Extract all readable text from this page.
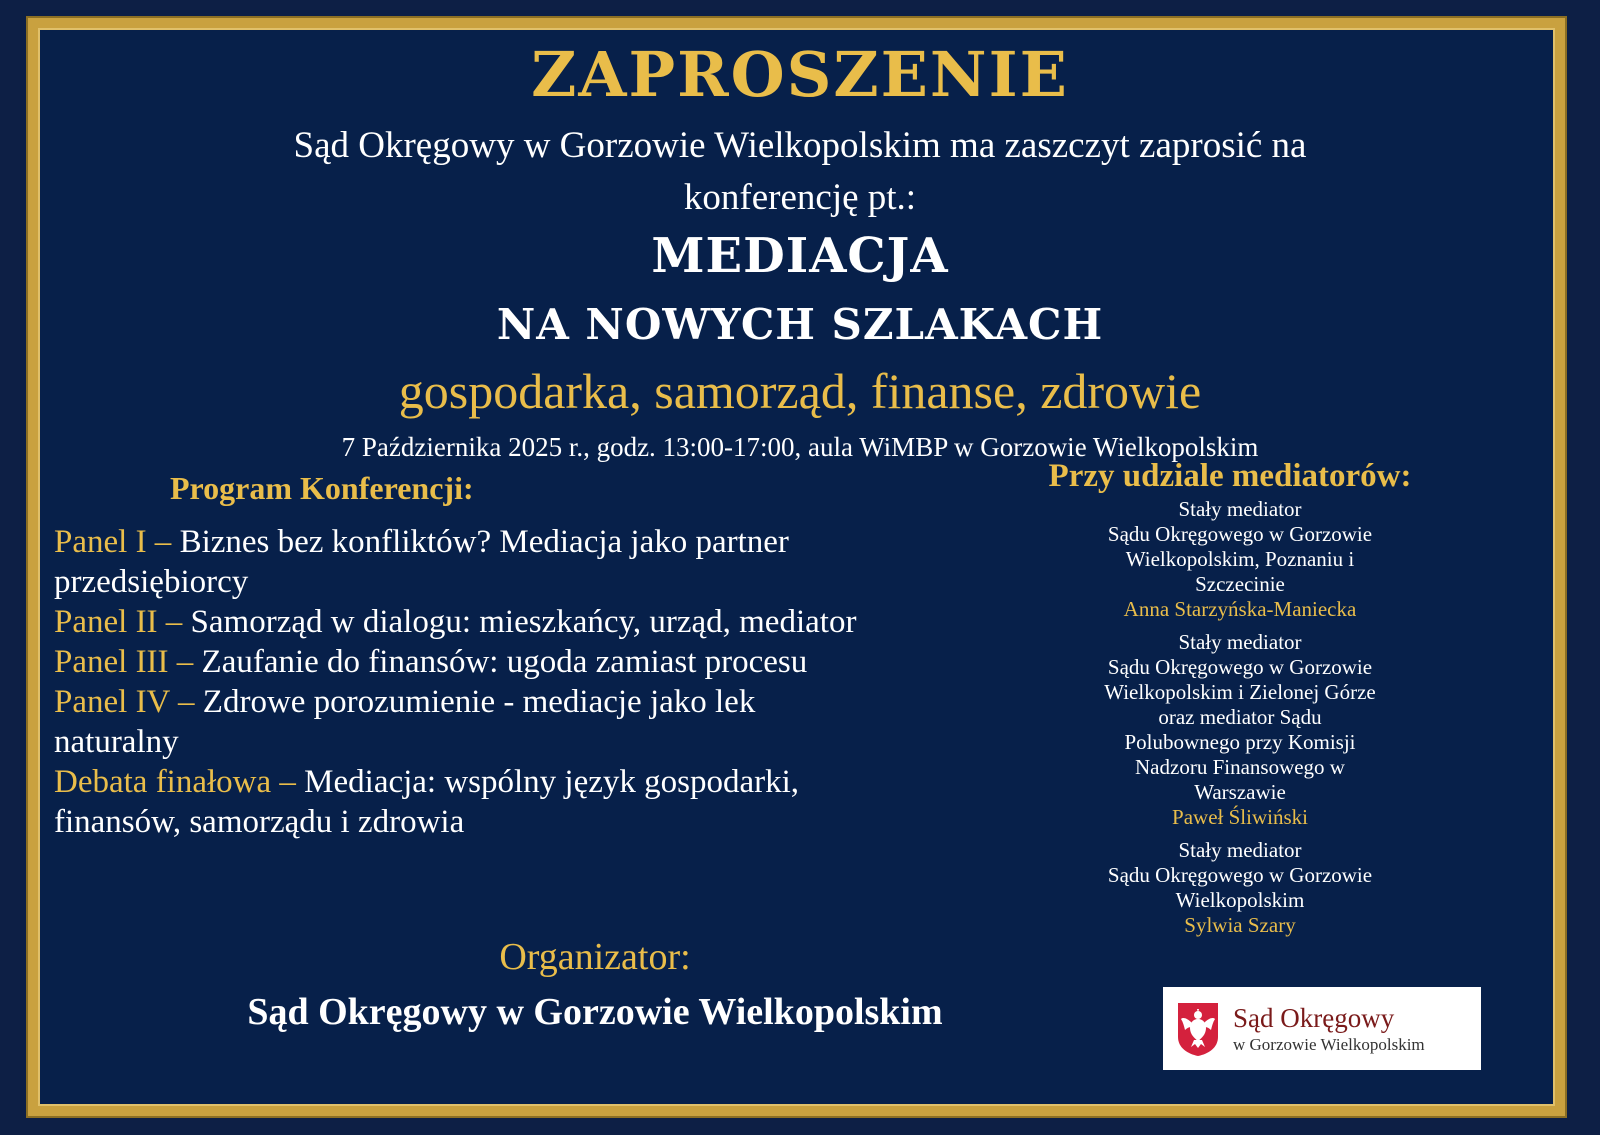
ZAPROSZENIE
Sąd Okręgowy w Gorzowie Wielkopolskim ma zaszczyt zaprosić na
konferencję pt.:
MEDIACJA
NA NOWYCH SZLAKACH
gospodarka, samorząd, finanse, zdrowie
7 Października 2025 r., godz. 13:00-17:00, aula WiMBP w Gorzowie Wielkopolskim
Program Konferencji:

Panel I – Biznes bez konfliktów? Mediacja jako partner przedsiębiorcy

Panel II – Samorząd w dialogu: mieszkańcy, urząd, mediator

Panel III – Zaufanie do finansów: ugoda zamiast procesu

Panel IV – Zdrowe porozumienie - mediacje jako lek naturalny

Debata finałowa – Mediacja: wspólny język gospodarki, finansów, samorządu i zdrowia

Organizator:
Sąd Okręgowy w Gorzowie Wielkopolskim
Przy udziale mediatorów:
Stały mediator
Sądu Okręgowego w Gorzowie
Wielkopolskim, Poznaniu i
Szczecinie
Anna Starzyńska-Maniecka
Stały mediator
Sądu Okręgowego w Gorzowie
Wielkopolskim i Zielonej Górze
oraz mediator Sądu
Polubownego przy Komisji
Nadzoru Finansowego w
Warszawie
Paweł Śliwiński
Stały mediator
Sądu Okręgowego w Gorzowie
Wielkopolskim
Sylwia Szary
Sąd Okręgowy
w Gorzowie Wielkopolskim
